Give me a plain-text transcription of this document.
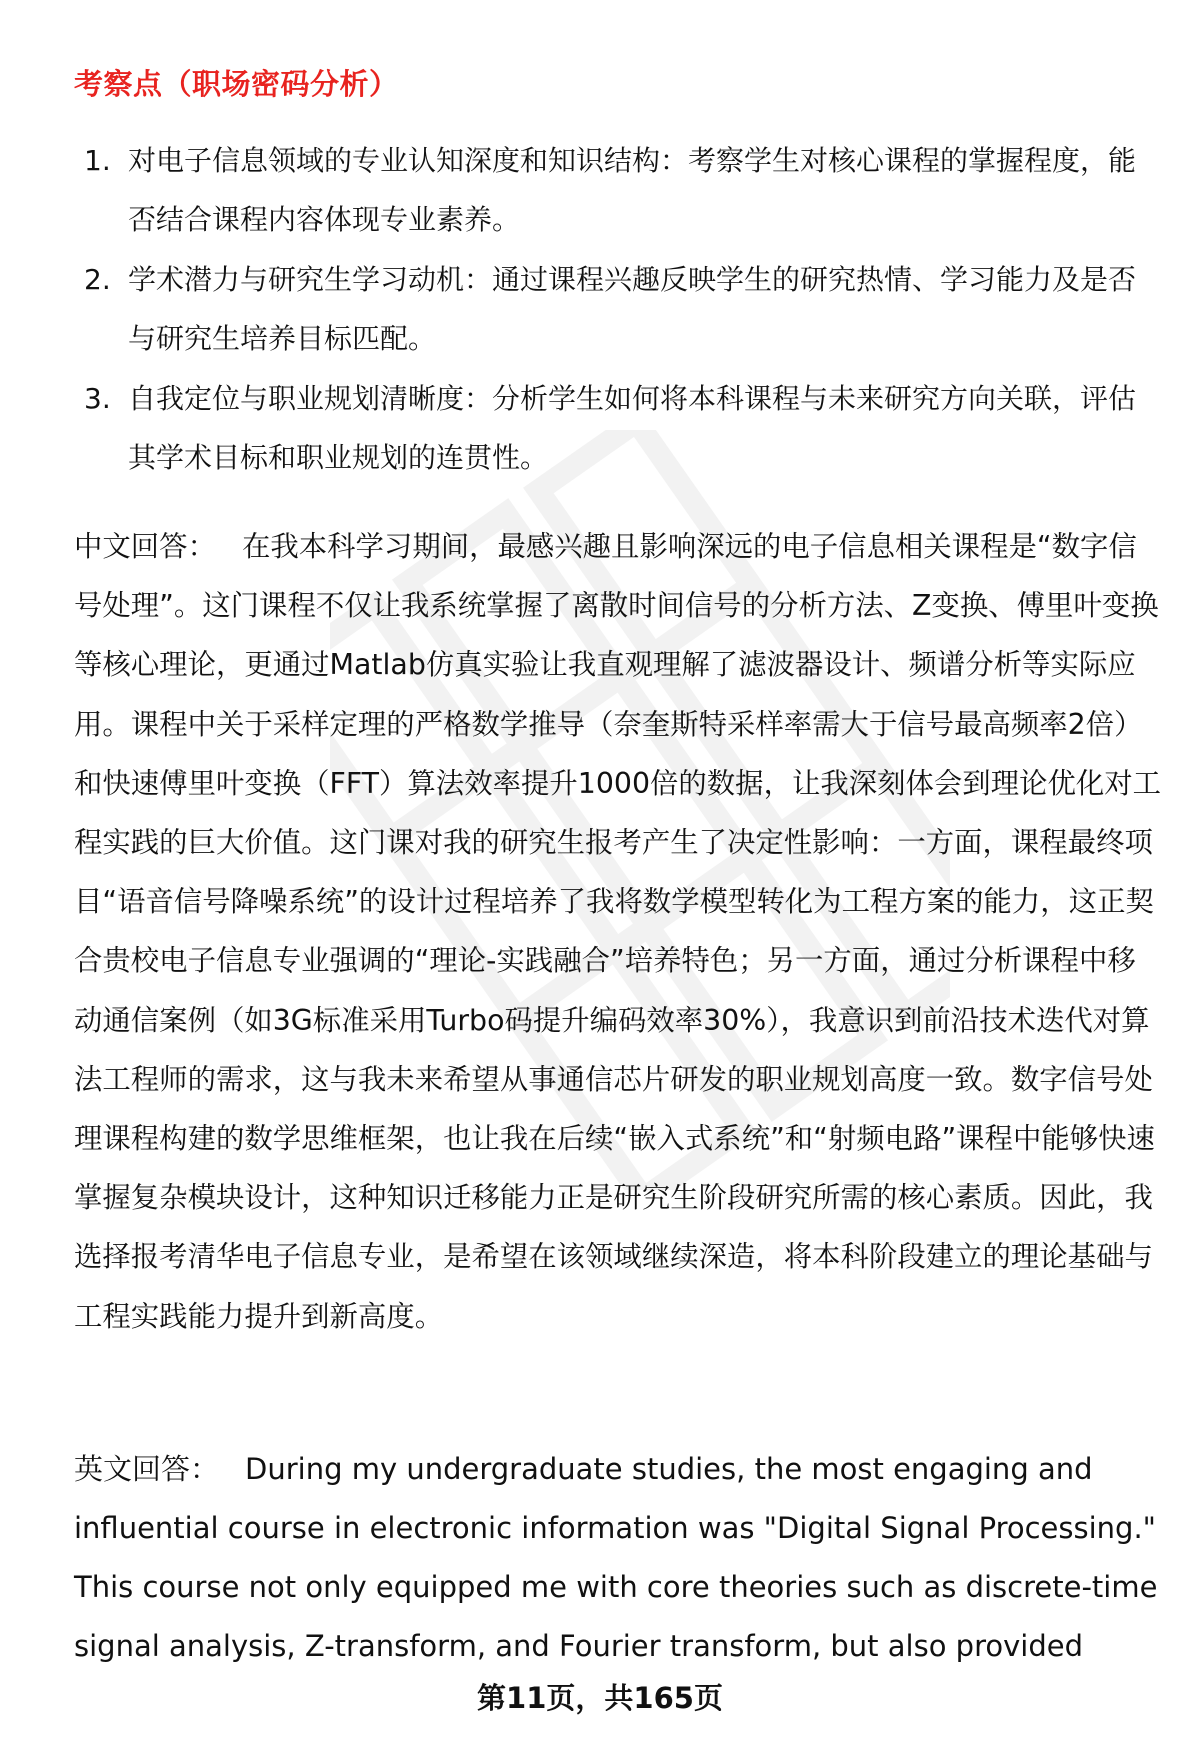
考察点（职场密码分析）
1. 对电子信息领域的专业认知深度和知识结构：考察学生对核心课程的掌握程度，能否结合课程内容体现专业素养。
2. 学术潜力与研究生学习动机：通过课程兴趣反映学生的研究热情、学习能力及是否与研究生培养目标匹配。
3. 自我定位与职业规划清晰度：分析学生如何将本科课程与未来研究方向关联，评估其学术目标和职业规划的连贯性。

中文回答： 在我本科学习期间，最感兴趣且影响深远的电子信息相关课程是“数字信号处理”。这门课程不仅让我系统掌握了离散时间信号的分析方法、Z变换、傅里叶变换等核心理论，更通过Matlab仿真实验让我直观理解了滤波器设计、频谱分析等实际应用。课程中关于采样定理的严格数学推导（奈奎斯特采样率需大于信号最高频率2倍）和快速傅里叶变换（FFT）算法效率提升1000倍的数据，让我深刻体会到理论优化对工程实践的巨大价值。这门课对我的研究生报考产生了决定性影响：一方面，课程最终项目“语音信号降噪系统”的设计过程培养了我将数学模型转化为工程方案的能力，这正契合贵校电子信息专业强调的“理论-实践融合”培养特色；另一方面，通过分析课程中移动通信案例（如3G标准采用Turbo码提升编码效率30%），我意识到前沿技术迭代对算法工程师的需求，这与我未来希望从事通信芯片研发的职业规划高度一致。数字信号处理课程构建的数学思维框架，也让我在后续“嵌入式系统”和“射频电路”课程中能够快速掌握复杂模块设计，这种知识迁移能力正是研究生阶段研究所需的核心素质。因此，我选择报考清华电子信息专业，是希望在该领域继续深造，将本科阶段建立的理论基础与工程实践能力提升到新高度。

英文回答： During my undergraduate studies, the most engaging and influential course in electronic information was "Digital Signal Processing." This course not only equipped me with core theories such as discrete-time signal analysis, Z-transform, and Fourier transform, but also provided

第11页，共165页
